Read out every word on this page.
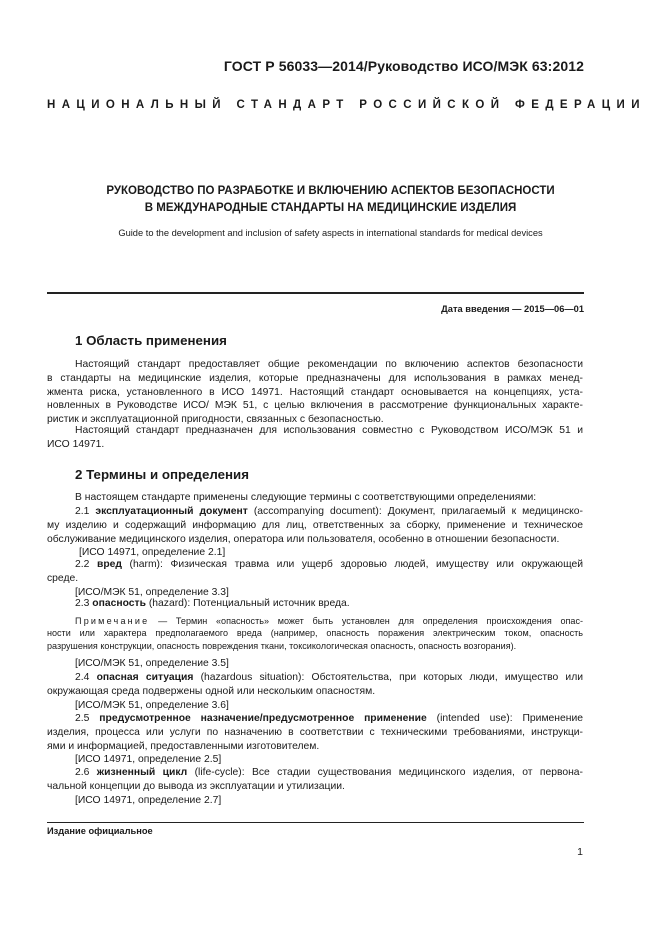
ГОСТ Р 56033—2014/Руководство ИСО/МЭК 63:2012
НАЦИОНАЛЬНЫЙ СТАНДАРТ РОССИЙСКОЙ ФЕДЕРАЦИИ
РУКОВОДСТВО ПО РАЗРАБОТКЕ И ВКЛЮЧЕНИЮ АСПЕКТОВ БЕЗОПАСНОСТИ
В МЕЖДУНАРОДНЫЕ СТАНДАРТЫ НА МЕДИЦИНСКИЕ ИЗДЕЛИЯ
Guide to the development and inclusion of safety aspects in international standards for medical devices
Дата введения — 2015—06—01
1 Область применения
Настоящий стандарт предоставляет общие рекомендации по включению аспектов безопасности
в стандарты на медицинские изделия, которые предназначены для использования в рамках менед-
жмента риска, установленного в ИСО 14971. Настоящий стандарт основывается на концепциях, уста-
новленных в Руководстве ИСО/ МЭК 51, с целью включения в рассмотрение функциональных характе-
ристик и эксплуатационной пригодности, связанных с безопасностью.
Настоящий стандарт предназначен для использования совместно с Руководством ИСО/МЭК 51 и
ИСО 14971.
2 Термины и определения
В настоящем стандарте применены следующие термины с соответствующими определениями:
2.1 эксплуатационный документ (accompanying document): Документ, прилагаемый к медицинско-
му изделию и содержащий информацию для лиц, ответственных за сборку, применение и техническое
обслуживание медицинского изделия, оператора или пользователя, особенно в отношении безопасности.
[ИСО 14971, определение 2.1]
2.2 вред (harm): Физическая травма или ущерб здоровью людей, имуществу или окружающей
среде.
[ИСО/МЭК 51, определение 3.3]
2.3 опасность (hazard): Потенциальный источник вреда.
Примечание — Термин «опасность» может быть установлен для определения происхождения опас-
ности или характера предполагаемого вреда (например, опасность поражения электрическим током, опасность
разрушения конструкции, опасность повреждения ткани, токсикологическая опасность, опасность возгорания).
[ИСО/МЭК 51, определение 3.5]
2.4 опасная ситуация (hazardous situation): Обстоятельства, при которых люди, имущество или
окружающая среда подвержены одной или нескольким опасностям.
[ИСО/МЭК 51, определение 3.6]
2.5 предусмотренное назначение/предусмотренное применение (intended use): Применение
изделия, процесса или услуги по назначению в соответствии с техническими требованиями, инструкци-
ями и информацией, предоставленными изготовителем.
[ИСО 14971, определение 2.5]
2.6 жизненный цикл (life-cycle): Все стадии существования медицинского изделия, от первона-
чальной концепции до вывода из эксплуатации и утилизации.
[ИСО 14971, определение 2.7]
Издание официальное
1
